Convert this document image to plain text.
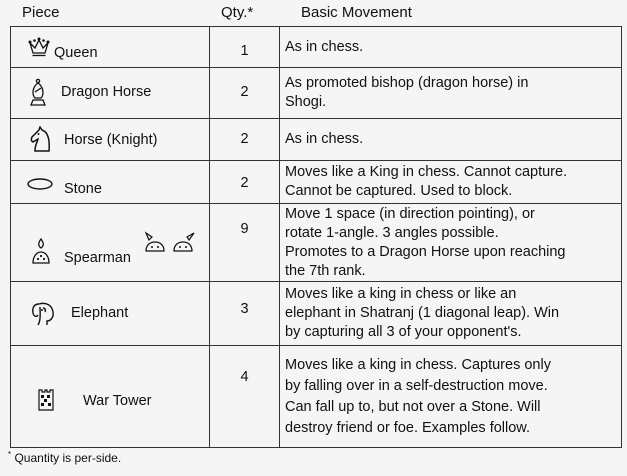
Piece	Qty.*	Basic Movement
Queen	1	As in chess.

Dragon Horse	2	As promoted bishop (dragon horse) in
Shogi.

Horse (Knight)	2	As in chess.

Stone	2	Moves like a King in chess. Cannot capture.
Cannot be captured. Used to block.

Spearman	9	Move 1 space (in direction pointing), or
rotate 1-angle. 3 angles possible.
Promotes to a Dragon Horse upon reaching
the 7th rank.

Elephant	3	Moves like a king in chess or like an
elephant in Shatranj (1 diagonal leap). Win
by capturing all 3 of your opponent's.

War Tower	4	Moves like a king in chess. Captures only
by falling over in a self-destruction move.
Can fall up to, but not over a Stone. Will
destroy friend or foe. Examples follow.
* Quantity is per-side.
